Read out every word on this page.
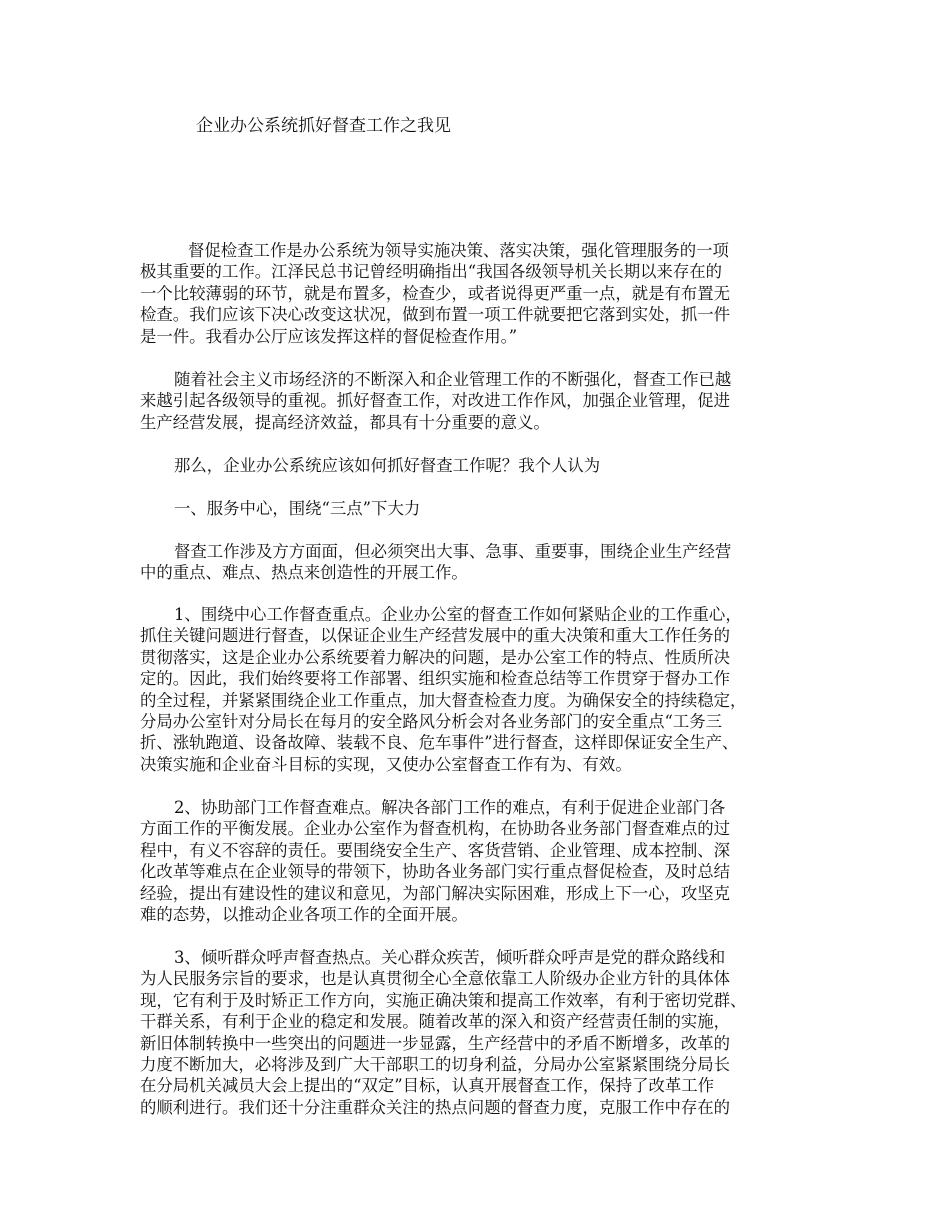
企业办公系统抓好督查工作之我见
督促检查工作是办公系统为领导实施决策、落实决策，强化管理服务的一项
极其重要的工作。江泽民总书记曾经明确指出“我国各级领导机关长期以来存在的
一个比较薄弱的环节，就是布置多，检查少，或者说得更严重一点，就是有布置无
检查。我们应该下决心改变这状况，做到布置一项工件就要把它落到实处，抓一件
是一件。我看办公厅应该发挥这样的督促检查作用。”
随着社会主义市场经济的不断深入和企业管理工作的不断强化，督查工作已越
来越引起各级领导的重视。抓好督查工作，对改进工作作风，加强企业管理，促进
生产经营发展，提高经济效益，都具有十分重要的意义。
那么，企业办公系统应该如何抓好督查工作呢？我个人认为
一、服务中心，围绕“三点”下大力
督查工作涉及方方面面，但必须突出大事、急事、重要事，围绕企业生产经营
中的重点、难点、热点来创造性的开展工作。
1、围绕中心工作督查重点。企业办公室的督查工作如何紧贴企业的工作重心，
抓住关键问题进行督查，以保证企业生产经营发展中的重大决策和重大工作任务的
贯彻落实，这是企业办公系统要着力解决的问题，是办公室工作的特点、性质所决
定的。因此，我们始终要将工作部署、组织实施和检查总结等工作贯穿于督办工作
的全过程，并紧紧围绕企业工作重点，加大督查检查力度。为确保安全的持续稳定，
分局办公室针对分局长在每月的安全路风分析会对各业务部门的安全重点“工务三
折、涨轨跑道、设备故障、装载不良、危车事件”进行督查，这样即保证安全生产、
决策实施和企业奋斗目标的实现，又使办公室督查工作有为、有效。
2、协助部门工作督查难点。解决各部门工作的难点，有利于促进企业部门各
方面工作的平衡发展。企业办公室作为督查机构，在协助各业务部门督查难点的过
程中，有义不容辞的责任。要围绕安全生产、客货营销、企业管理、成本控制、深
化改革等难点在企业领导的带领下，协助各业务部门实行重点督促检查，及时总结
经验，提出有建设性的建议和意见，为部门解决实际困难，形成上下一心，攻坚克
难的态势，以推动企业各项工作的全面开展。
3、倾听群众呼声督查热点。关心群众疾苦，倾听群众呼声是党的群众路线和
为人民服务宗旨的要求，也是认真贯彻全心全意依靠工人阶级办企业方针的具体体
现，它有利于及时矫正工作方向，实施正确决策和提高工作效率，有利于密切党群、
干群关系，有利于企业的稳定和发展。随着改革的深入和资产经营责任制的实施，
新旧体制转换中一些突出的问题进一步显露，生产经营中的矛盾不断增多，改革的
力度不断加大，必将涉及到广大干部职工的切身利益，分局办公室紧紧围绕分局长
在分局机关减员大会上提出的“双定”目标，认真开展督查工作，保持了改革工作
的顺利进行。我们还十分注重群众关注的热点问题的督查力度，克服工作中存在的
